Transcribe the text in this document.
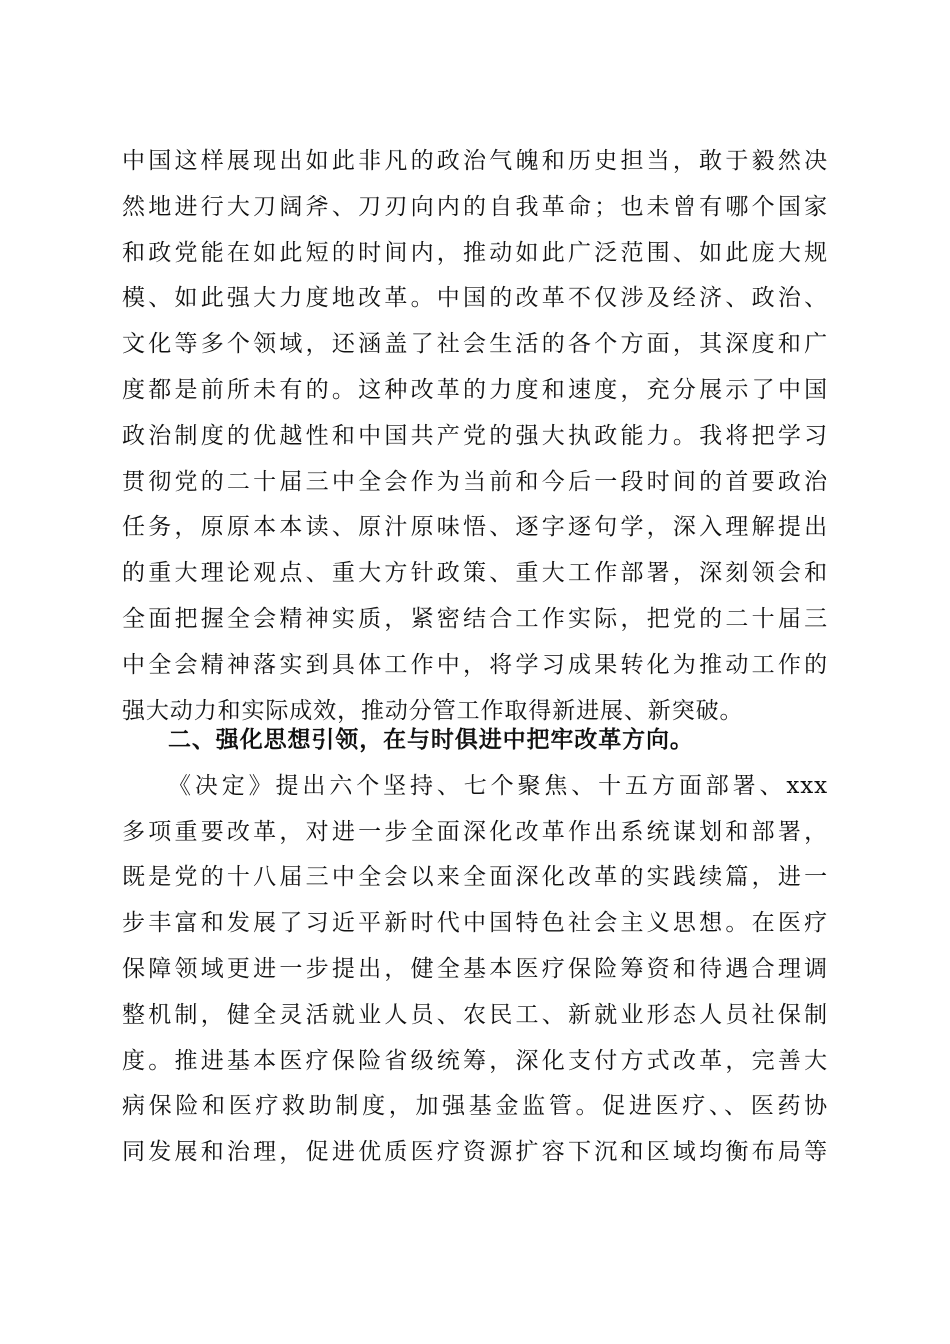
中国这样展现出如此非凡的政治气魄和历史担当，敢于毅然决
然地进行大刀阔斧、刀刃向内的自我革命；也未曾有哪个国家
和政党能在如此短的时间内，推动如此广泛范围、如此庞大规
模、如此强大力度地改革。中国的改革不仅涉及经济、政治、
文化等多个领域，还涵盖了社会生活的各个方面，其深度和广
度都是前所未有的。这种改革的力度和速度，充分展示了中国
政治制度的优越性和中国共产党的强大执政能力。我将把学习
贯彻党的二十届三中全会作为当前和今后一段时间的首要政治
任务，原原本本读、原汁原味悟、逐字逐句学，深入理解提出
的重大理论观点、重大方针政策、重大工作部署，深刻领会和
全面把握全会精神实质，紧密结合工作实际，把党的二十届三
中全会精神落实到具体工作中，将学习成果转化为推动工作的
强大动力和实际成效，推动分管工作取得新进展、新突破。
二、强化思想引领，在与时俱进中把牢改革方向。
《决定》提出六个坚持、七个聚焦、十五方面部署、xxx
多项重要改革，对进一步全面深化改革作出系统谋划和部署，
既是党的十八届三中全会以来全面深化改革的实践续篇，进一
步丰富和发展了习近平新时代中国特色社会主义思想。在医疗
保障领域更进一步提出，健全基本医疗保险筹资和待遇合理调
整机制，健全灵活就业人员、农民工、新就业形态人员社保制
度。推进基本医疗保险省级统筹，深化支付方式改革，完善大
病保险和医疗救助制度，加强基金监管。促进医疗、、医药协
同发展和治理，促进优质医疗资源扩容下沉和区域均衡布局等
